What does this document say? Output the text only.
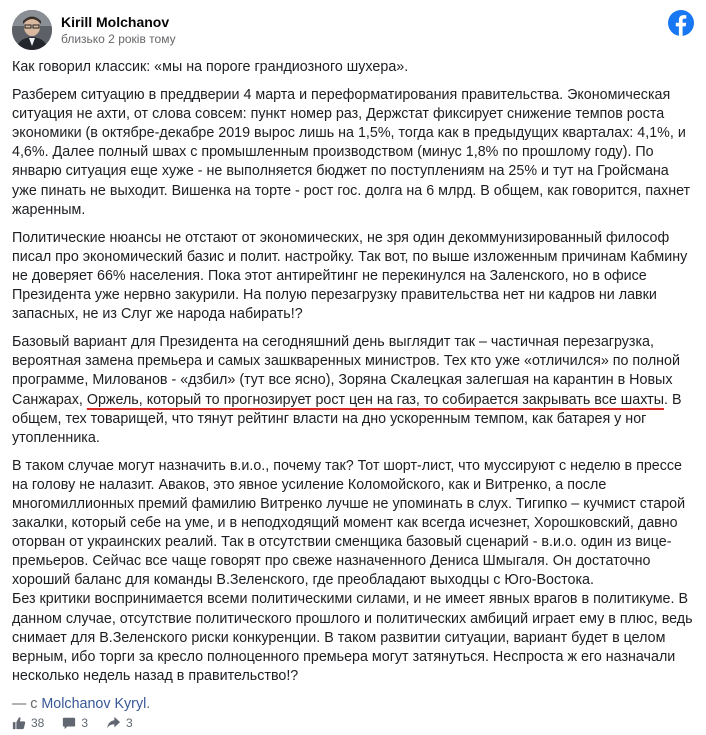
Kirill Molchanov
близько 2 років тому

Как говорил классик: «мы на пороге грандиозного шухера».

Разберем ситуацию в преддверии 4 марта и переформатирования правительства. Экономическая ситуация не ахти, от слова совсем: пункт номер раз, Держстат фиксирует снижение темпов роста экономики (в октябре-декабре 2019 вырос лишь на 1,5%, тогда как в предыдущих кварталах: 4,1%, и 4,6%. Далее полный швах с промышленным производством (минус 1,8% по прошлому году). По январю ситуация еще хуже - не выполняется бюджет по поступлениям на 25% и тут на Гройсмана уже пинать не выходит. Вишенка на торте - рост гос. долга на 6 млрд. В общем, как говорится, пахнет жаренным.

Политические нюансы не отстают от экономических, не зря один декоммунизированный философ писал про экономический базис и полит. настройку. Так вот, по выше изложенным причинам Кабмину не доверяет 66% населения. Пока этот антирейтинг не перекинулся на Заленского, но в офисе Президента уже нервно закурили. На полую перезагрузку правительства нет ни кадров ни лавки запасных, не из Слуг же народа набирать!?

Базовый вариант для Президента на сегодняшний день выглядит так – частичная перезагрузка, вероятная замена премьера и самых зашкваренных министров. Тех кто уже «отличился» по полной программе, Милованов - «дзбил» (тут все ясно), Зоряна Скалецкая залегшая на карантин в Новых Санжарах, Оржель, который то прогнозирует рост цен на газ, то собирается закрывать все шахты. В общем, тех товарищей, что тянут рейтинг власти на дно ускоренным темпом, как батарея у ног утопленника.

В таком случае могут назначить в.и.о., почему так? Тот шорт-лист, что муссируют с неделю в прессе на голову не налазит. Аваков, это явное усиление Коломойского, как и Витренко, а после многомиллионных премий фамилию Витренко лучше не упоминать в слух. Тигипко – кучмист старой закалки, который себе на уме, и в неподходящий момент как всегда исчезнет, Хорошковский, давно оторван от украинских реалий. Так в отсутствии сменщика базовый сценарий - в.и.о. один из вице-премьеров. Сейчас все чаще говорят про свеже назначенного Дениса Шмыгаля. Он достаточно хороший баланс для команды В.Зеленского, где преобладают выходцы с Юго-Востока.

Без критики воспринимается всеми политическими силами, и не имеет явных врагов в политикуме. В данном случае, отсутствие политического прошлого и политических амбиций играет ему в плюс, ведь снимает для В.Зеленского риски конкуренции. В таком развитии ситуации, вариант будет в целом верным, ибо торги за кресло полноценного премьера могут затянуться. Неспроста ж его назначали несколько недель назад в правительство!?

— с Molchanov Kyryl.

38	3	3
